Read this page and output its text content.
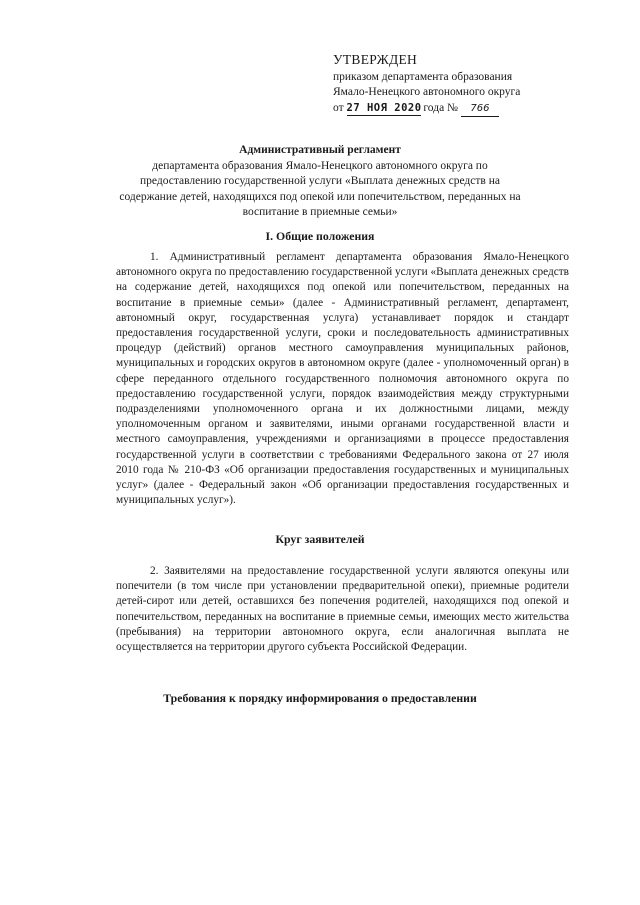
УТВЕРЖДЕН
приказом департамента образования
Ямало-Ненецкого автономного округа
от 27 НОЯ 2020 года № 766
Административный регламент
департамента образования Ямало-Ненецкого автономного округа по предоставлению государственной услуги «Выплата денежных средств на содержание детей, находящихся под опекой или попечительством, переданных на воспитание в приемные семьи»
I. Общие положения

1. Административный регламент департамента образования Ямало-Ненецкого автономного округа по предоставлению государственной услуги «Выплата денежных средств на содержание детей, находящихся под опекой или попечительством, переданных на воспитание в приемные семьи» (далее - Административный регламент, департамент, автономный округ, государственная услуга) устанавливает порядок и стандарт предоставления государственной услуги, сроки и последовательность административных процедур (действий) органов местного самоуправления муниципальных районов, муниципальных и городских округов в автономном округе (далее - уполномоченный орган) в сфере переданного отдельного государственного полномочия автономного округа по предоставлению государственной услуги, порядок взаимодействия между структурными подразделениями уполномоченного органа и их должностными лицами, между уполномоченным органом и заявителями, иными органами государственной власти и местного самоуправления, учреждениями и организациями в процессе предоставления государственной услуги в соответствии с требованиями Федерального закона от 27 июля 2010 года № 210-ФЗ «Об организации предоставления государственных и муниципальных услуг» (далее - Федеральный закон «Об организации предоставления государственных и муниципальных услуг»).

Круг заявителей

2. Заявителями на предоставление государственной услуги являются опекуны или попечители (в том числе при установлении предварительной опеки), приемные родители детей-сирот или детей, оставшихся без попечения родителей, находящихся под опекой и попечительством, переданных на воспитание в приемные семьи, имеющих место жительства (пребывания) на территории автономного округа, если аналогичная выплата не осуществляется на территории другого субъекта Российской Федерации.

Требования к порядку информирования о предоставлении
